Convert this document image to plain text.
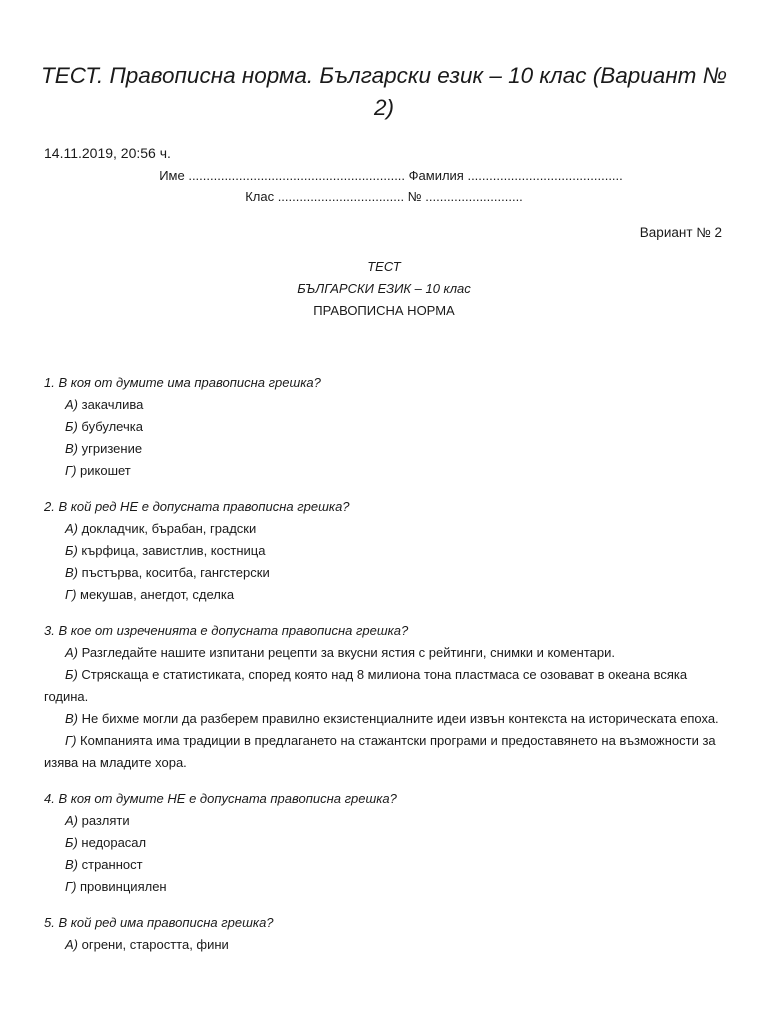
ТЕСТ. Правописна норма. Български език – 10 клас (Вариант № 2)
14.11.2019, 20:56 ч.
Име ............................................................ Фамилия ...........................................
Клас ................................... № ...........................
Вариант № 2
ТЕСТ
БЪЛГАРСКИ ЕЗИК – 10 клас
ПРАВОПИСНА НОРМА
1. В коя от думите има правописна грешка?
А) закачлива
Б) бубулечка
В) угризение
Г) рикошет
2. В кой ред НЕ е допусната правописна грешка?
А) докладчик, бърабан, градски
Б) кърфица, завистлив, костница
В) пъстърва, коситба, гангстерски
Г) мекушав, анегдот, сделка
3. В кое от изреченията е допусната правописна грешка?
А) Разгледайте нашите изпитани рецепти за вкусни ястия с рейтинги, снимки и коментари.
Б) Стряскаща е статистиката, според която над 8 милиона тона пластмаса се озовават в океана всяка година.
В) Не бихме могли да разберем правилно екзистенциалните идеи извън контекста на историческата епоха.
Г) Компанията има традиции в предлагането на стажантски програми и предоставянето на възможности за изява на младите хора.
4. В коя от думите НЕ е допусната правописна грешка?
А) разляти
Б) недорасал
В) странност
Г) провинциялен
5. В кой ред има правописна грешка?
А) огрени, старостта, фини
